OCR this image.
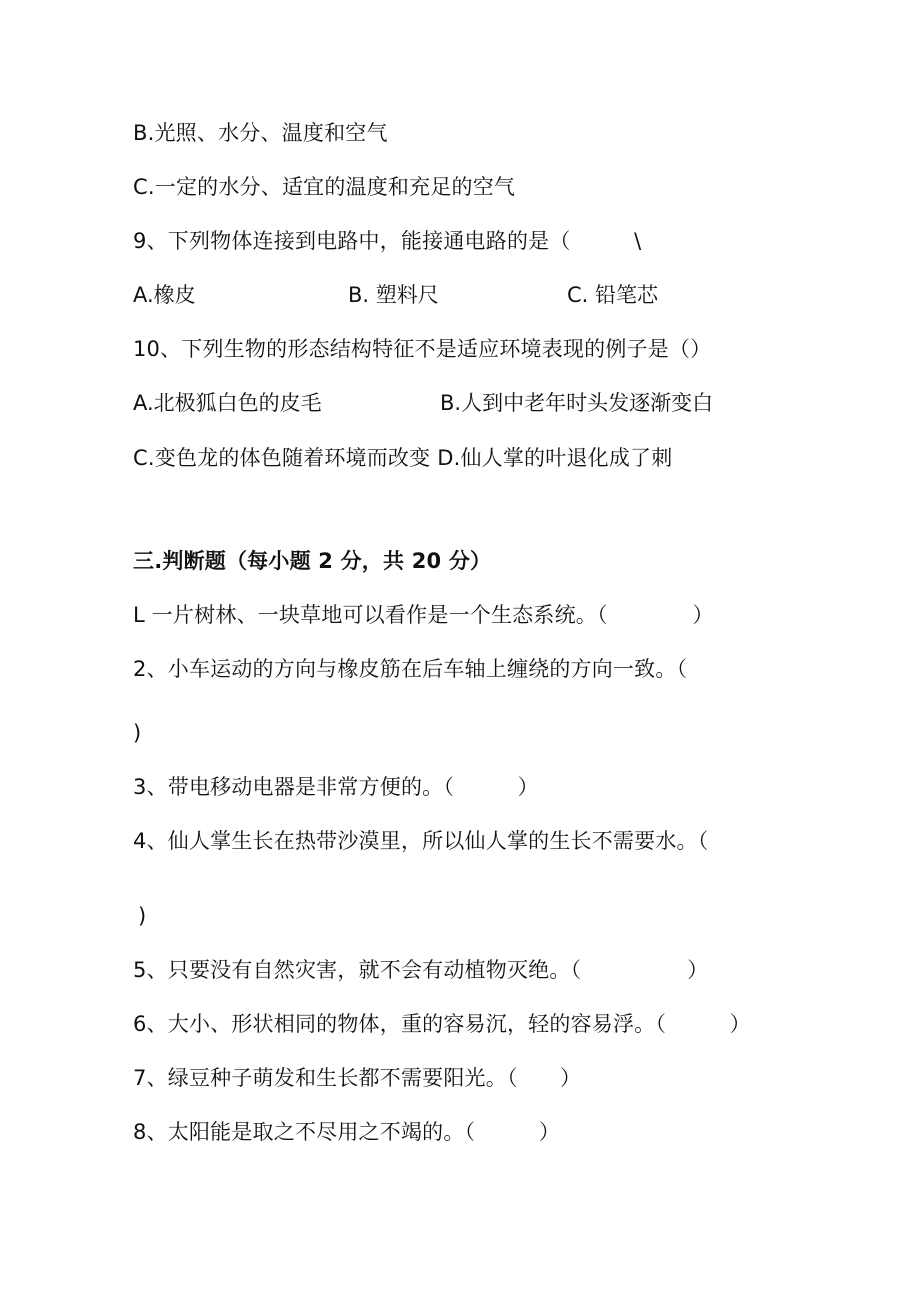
B.光照、水分、温度和空气
C.一定的水分、适宜的温度和充足的空气
9、下列物体连接到电路中，能接通电路的是（　　　\
A.橡皮	B. 塑料尺	C. 铅笔芯
10、下列生物的形态结构特征不是适应环境表现的例子是（）
A.北极狐白色的皮毛	B.人到中老年时头发逐渐变白
C.变色龙的体色随着环境而改变 D.仙人掌的叶退化成了刺
三.判断题（每小题 2 分，共 20 分）
L 一片树林、一块草地可以看作是一个生态系统。（　　　　）
2、小车运动的方向与橡皮筋在后车轴上缠绕的方向一致。（
)
3、带电移动电器是非常方便的。（　　　）
4、仙人掌生长在热带沙漠里，所以仙人掌的生长不需要水。（
)
5、只要没有自然灾害，就不会有动植物灭绝。（　　　　　）
6、大小、形状相同的物体，重的容易沉，轻的容易浮。（　　　）
7、绿豆种子萌发和生长都不需要阳光。（　　）
8、太阳能是取之不尽用之不竭的。（　　　）
